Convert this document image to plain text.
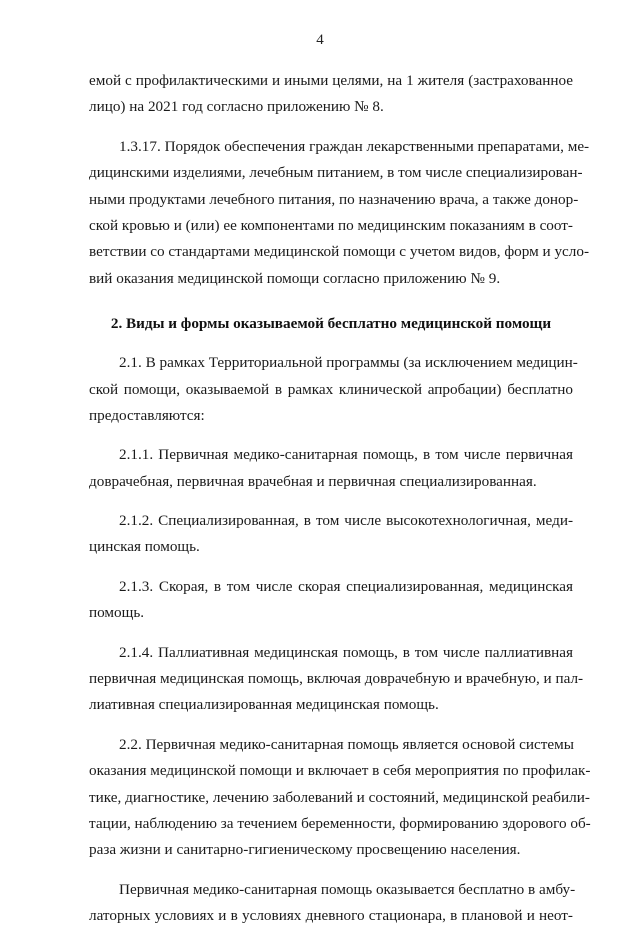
4
емой с профилактическими и иными целями, на 1 жителя (застрахованное
лицо) на 2021 год согласно приложению № 8.
1.3.17. Порядок обеспечения граждан лекарственными препаратами, ме-
дицинскими изделиями, лечебным питанием, в том числе специализирован-
ными продуктами лечебного питания, по назначению врача, а также донор-
ской кровью и (или) ее компонентами по медицинским показаниям в соот-
ветствии со стандартами медицинской помощи с учетом видов, форм и усло-
вий оказания медицинской помощи согласно приложению № 9.
2. Виды и формы оказываемой бесплатно медицинской помощи
2.1. В рамках Территориальной программы (за исключением медицин-
ской помощи, оказываемой в рамках клинической апробации) бесплатно
предоставляются:
2.1.1. Первичная медико-санитарная помощь, в том числе первичная
доврачебная, первичная врачебная и первичная специализированная.
2.1.2. Специализированная, в том числе высокотехнологичная, меди-
цинская помощь.
2.1.3. Скорая, в том числе скорая специализированная, медицинская
помощь.
2.1.4. Паллиативная медицинская помощь, в том числе паллиативная
первичная медицинская помощь, включая доврачебную и врачебную, и пал-
лиативная специализированная медицинская помощь.
2.2. Первичная медико-санитарная помощь является основой системы
оказания медицинской помощи и включает в себя мероприятия по профилак-
тике, диагностике, лечению заболеваний и состояний, медицинской реабили-
тации, наблюдению за течением беременности, формированию здорового об-
раза жизни и санитарно-гигиеническому просвещению населения.
Первичная медико-санитарная помощь оказывается бесплатно в амбу-
латорных условиях и в условиях дневного стационара, в плановой и неот-
